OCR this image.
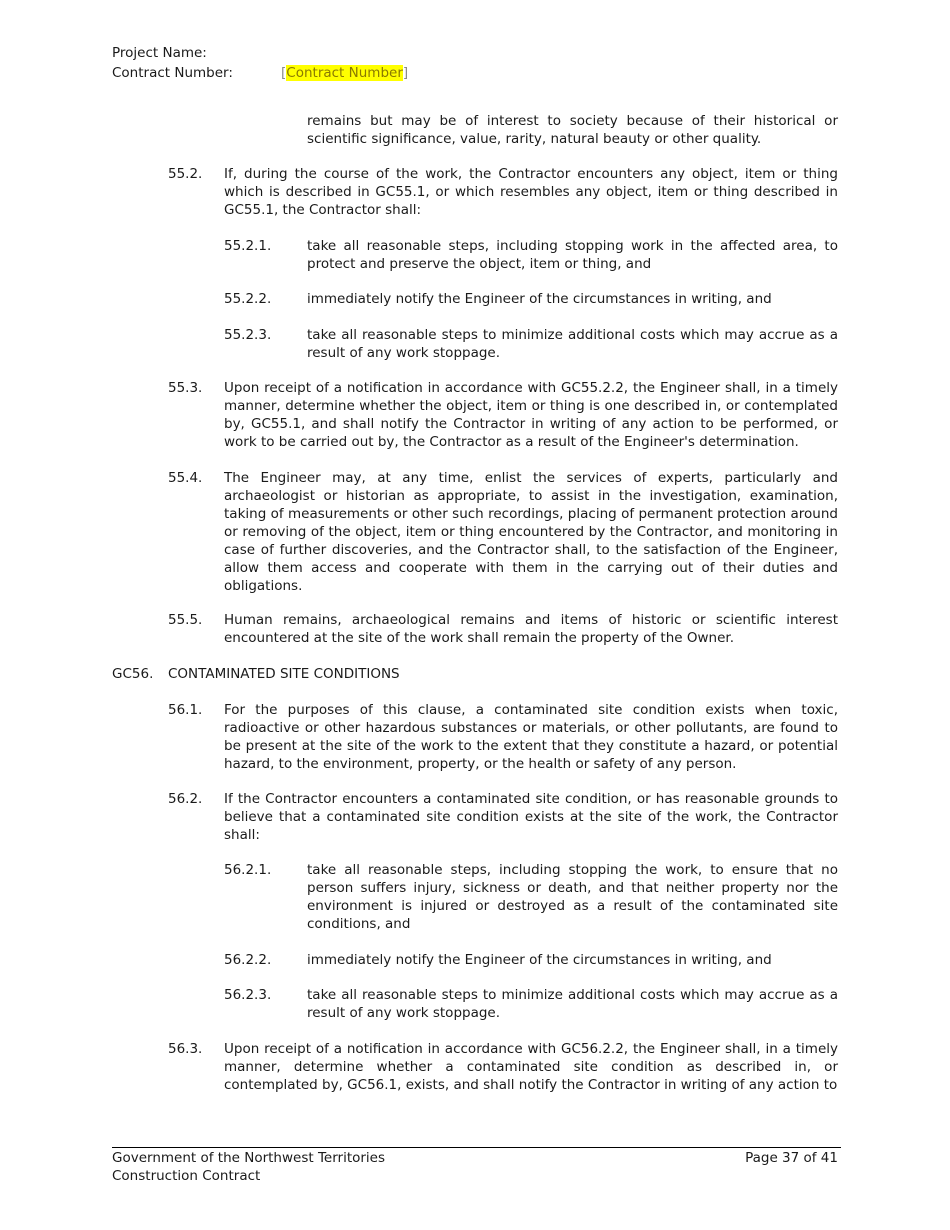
Project Name:
Contract Number:	[Contract Number]
remains but may be of interest to society because of their historical or scientific significance, value, rarity, natural beauty or other quality.
55.2. If, during the course of the work, the Contractor encounters any object, item or thing which is described in GC55.1, or which resembles any object, item or thing described in GC55.1, the Contractor shall:
55.2.1.	take all reasonable steps, including stopping work in the affected area, to protect and preserve the object, item or thing, and
55.2.2.	immediately notify the Engineer of the circumstances in writing, and
55.2.3.	take all reasonable steps to minimize additional costs which may accrue as a result of any work stoppage.
55.3. Upon receipt of a notification in accordance with GC55.2.2, the Engineer shall, in a timely manner, determine whether the object, item or thing is one described in, or contemplated by, GC55.1, and shall notify the Contractor in writing of any action to be performed, or work to be carried out by, the Contractor as a result of the Engineer's determination.
55.4. The Engineer may, at any time, enlist the services of experts, particularly and archaeologist or historian as appropriate, to assist in the investigation, examination, taking of measurements or other such recordings, placing of permanent protection around or removing of the object, item or thing encountered by the Contractor, and monitoring in case of further discoveries, and the Contractor shall, to the satisfaction of the Engineer, allow them access and cooperate with them in the carrying out of their duties and obligations.
55.5. Human remains, archaeological remains and items of historic or scientific interest encountered at the site of the work shall remain the property of the Owner.
GC56. CONTAMINATED SITE CONDITIONS
56.1. For the purposes of this clause, a contaminated site condition exists when toxic, radioactive or other hazardous substances or materials, or other pollutants, are found to be present at the site of the work to the extent that they constitute a hazard, or potential hazard, to the environment, property, or the health or safety of any person.
56.2. If the Contractor encounters a contaminated site condition, or has reasonable grounds to believe that a contaminated site condition exists at the site of the work, the Contractor shall:
56.2.1.	take all reasonable steps, including stopping the work, to ensure that no person suffers injury, sickness or death, and that neither property nor the environment is injured or destroyed as a result of the contaminated site conditions, and
56.2.2.	immediately notify the Engineer of the circumstances in writing, and
56.2.3.	take all reasonable steps to minimize additional costs which may accrue as a result of any work stoppage.
56.3. Upon receipt of a notification in accordance with GC56.2.2, the Engineer shall, in a timely manner, determine whether a contaminated site condition as described in, or contemplated by, GC56.1, exists, and shall notify the Contractor in writing of any action to
Government of the Northwest Territories
Construction Contract
Page 37 of 41
